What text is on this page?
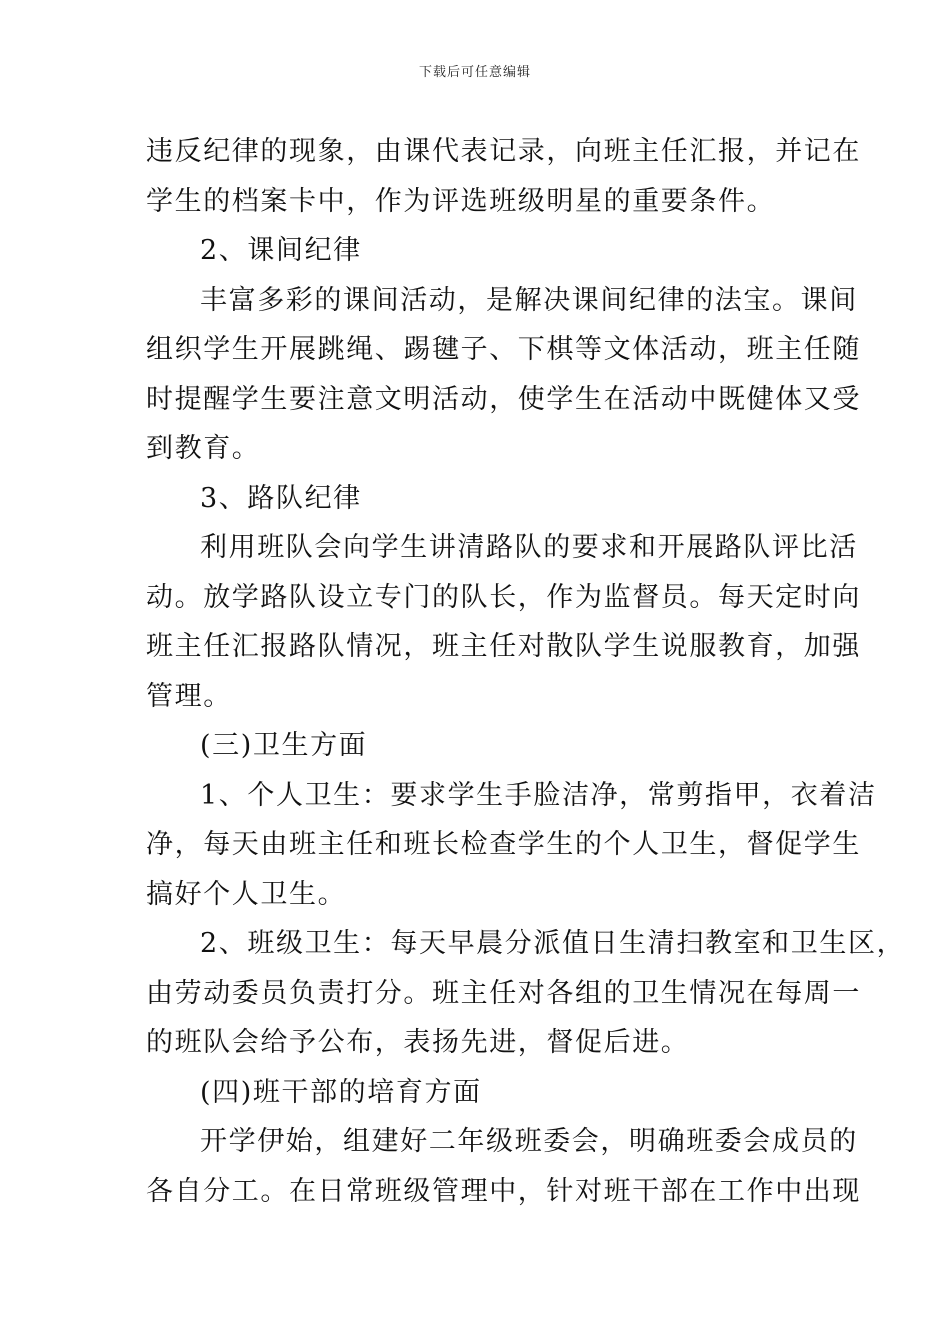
下载后可任意编辑
违反纪律的现象，由课代表记录，向班主任汇报，并记在
学生的档案卡中，作为评选班级明星的重要条件。
2、课间纪律
丰富多彩的课间活动，是解决课间纪律的法宝。课间
组织学生开展跳绳、踢毽子、下棋等文体活动，班主任随
时提醒学生要注意文明活动，使学生在活动中既健体又受
到教育。
3、路队纪律
利用班队会向学生讲清路队的要求和开展路队评比活
动。放学路队设立专门的队长，作为监督员。每天定时向
班主任汇报路队情况，班主任对散队学生说服教育，加强
管理。
(三)卫生方面
1、个人卫生：要求学生手脸洁净，常剪指甲，衣着洁
净，每天由班主任和班长检查学生的个人卫生，督促学生
搞好个人卫生。
2、班级卫生：每天早晨分派值日生清扫教室和卫生区，
由劳动委员负责打分。班主任对各组的卫生情况在每周一
的班队会给予公布，表扬先进，督促后进。
(四)班干部的培育方面
开学伊始，组建好二年级班委会，明确班委会成员的
各自分工。在日常班级管理中，针对班干部在工作中出现
